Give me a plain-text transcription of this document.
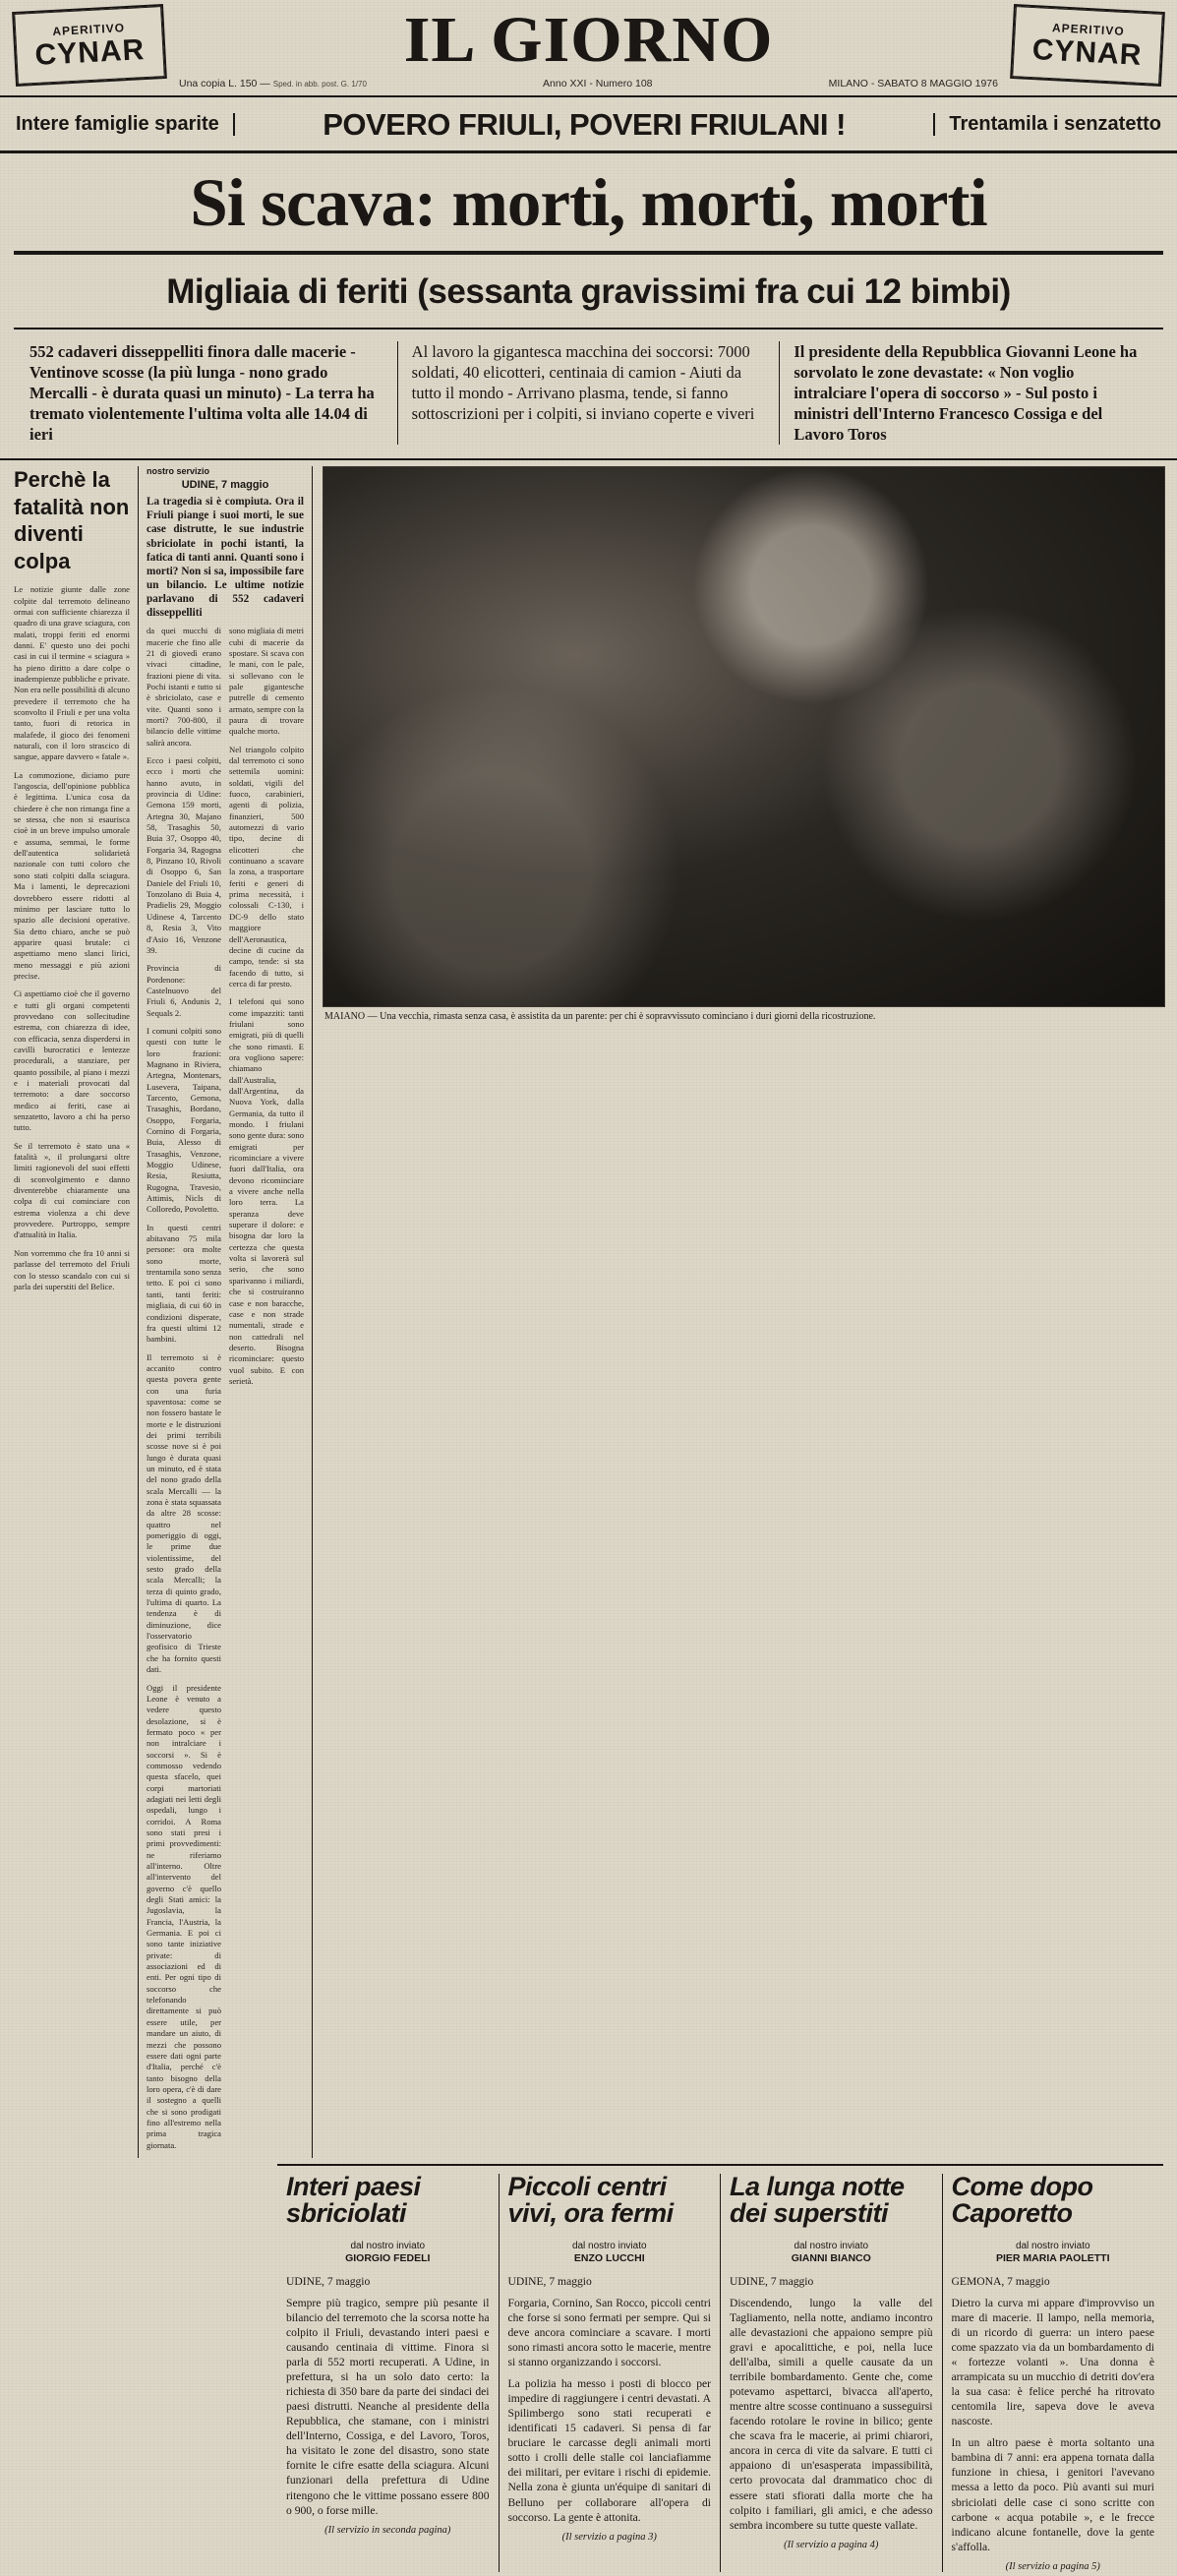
APERITIVO
CYNAR	IL GIORNO
Una copia L. 150 — Sped. in abb. post. G. 1/70	Anno XXI - Numero 108	MILANO - SABATO 8 MAGGIO 1976
APERITIVO
CYNAR
Intere famiglie sparite	POVERO FRIULI, POVERI FRIULANI !	Trentamila i senzatetto
Si scava: morti, morti, morti
Migliaia di feriti (sessanta gravissimi fra cui 12 bimbi)
552 cadaveri disseppelliti finora dalle macerie - Ventinove scosse (la più lunga - nono grado Mercalli - è durata quasi un minuto) - La terra ha tremato violentemente l'ultima volta alle 14.04 di ieri
Al lavoro la gigantesca macchina dei soccorsi: 7000 soldati, 40 elicotteri, centinaia di camion - Aiuti da tutto il mondo - Arrivano plasma, tende, si fanno sottoscrizioni per i colpiti, si inviano coperte e viveri
Il presidente della Repubblica Giovanni Leone ha sorvolato le zone devastate: « Non voglio intralciare l'opera di soccorso » - Sul posto i ministri dell'Interno Francesco Cossiga e del Lavoro Toros
Perchè la fatalità non diventi colpa

Le notizie giunte dalle zone colpite dal terremoto delineano ormai con sufficiente chiarezza il quadro di una grave sciagura, con malati, troppi feriti ed enormi danni. E' questo uno dei pochi casi in cui il termine « sciagura » ha pieno diritto a dare colpe o inadempienze pubbliche e private. Non era nelle possibilità di alcuno prevedere il terremoto che ha sconvolto il Friuli e per una volta tanto, fuori di retorica in malafede, il gioco dei fenomeni naturali, con il loro strascico di sangue, appare davvero « fatale ».

La commozione, diciamo pure l'angoscia, dell'opinione pubblica è legittima. L'unica cosa da chiedere è che non rimanga fine a se stessa, che non si esaurisca cioè in un breve impulso umorale e assuma, semmai, le forme dell'autentica solidarietà nazionale con tutti coloro che sono stati colpiti dalla sciagura. Ma i lamenti, le deprecazioni dovrebbero essere ridotti al minimo per lasciare tutto lo spazio alle decisioni operative. Sia detto chiaro, anche se può apparire quasi brutale: ci aspettiamo meno slanci lirici, meno messaggi e più azioni precise.

Ci aspettiamo cioè che il governo e tutti gli organi competenti provvedano con sollecitudine estrema, con chiarezza di idee, con efficacia, senza disperdersi in cavilli burocratici e lentezze procedurali, a stanziare, per quanto possibile, al piano i mezzi e i materiali provocati dal terremoto: a dare soccorso medico ai feriti, case ai senzatetto, lavoro a chi ha perso tutto.

Se il terremoto è stato una « fatalità », il prolungarsi oltre limiti ragionevoli del suoi effetti di sconvolgimento e danno diventerebbe chiaramente una colpa di cui cominciare con estrema violenza a chi deve provvedere. Purtroppo, sempre d'attualità in Italia.

Non vorremmo che fra 10 anni si parlasse del terremoto del Friuli con lo stesso scandalo con cui si parla dei superstiti del Belice.

nostro servizio
UDINE, 7 maggio
La tragedia si è compiuta. Ora il Friuli piange i suoi morti, le sue case distrutte, le sue industrie sbriciolate in pochi istanti, la fatica di tanti anni. Quanti sono i morti? Non si sa, impossibile fare un bilancio. Le ultime notizie parlavano di 552 cadaveri disseppelliti

da quei mucchi di macerie che fino alle 21 di giovedì erano vivaci cittadine, frazioni piene di vita. Pochi istanti e tutto si è sbriciolato, case e vite. Quanti sono i morti? 700-800, il bilancio delle vittime salirà ancora.

Ecco i paesi colpiti, ecco i morti che hanno avuto, in provincia di Udine: Gemona 159 morti, Artegna 30, Majano 58, Trasaghis 50, Buia 37, Osoppo 40, Forgaria 34, Ragogna 8, Pinzano 10, Rivoli di Osoppo 6, San Daniele del Friuli 10, Tonzolano di Buia 4, Pradielis 29, Moggio Udinese 4, Tarcento 8, Resia 3, Vito d'Asio 16, Venzone 39.

Provincia di Pordenone: Castelnuovo del Friuli 6, Andunis 2, Sequals 2.

I comuni colpiti sono questi con tutte le loro frazioni: Magnano in Riviera, Artegna, Montenars, Lusevera, Taipana, Tarcento, Gemona, Trasaghis, Bordano, Osoppo, Forgaria, Cornino di Forgaria, Buia, Alesso di Trasaghis, Venzone, Moggio Udinese, Resia, Resiutta, Rugogna, Travesio, Attimis, Nicls di Colloredo, Povoletto.

In questi centri abitavano 75 mila persone: ora molte sono morte, trentamila sono senza tetto. E poi ci sono tanti, tanti feriti: migliaia, di cui 60 in condizioni disperate, fra questi ultimi 12 bambini.

Il terremoto si è accanito contro questa povera gente con una furia spaventosa: come se non fossero bastate le morte e le distruzioni dei primi terribili scosse nove si è poi lungo è durata quasi un minuto, ed è stata del nono grado della scala Mercalli — la zona è stata squassata da altre 28 scosse: quattro nel pomeriggio di oggi, le prime due violentissime, del sesto grado della scala Mercalli; la terza di quinto grado, l'ultima di quarto. La tendenza è di diminuzione, dice l'osservatorio geofisico di Trieste che ha fornito questi dati.

Oggi il presidente Leone è venuto a vedere questo desolazione, si è fermato poco « per non intralciare i soccorsi ». Si è commosso vedendo questa sfacelo, quei corpi martoriati adagiati nei letti degli ospedali, lungo i corridoi. A Roma sono stati presi i primi provvedimenti: ne riferiamo all'interno. Oltre all'intervento del governo c'è quello degli Stati amici: la Jugoslavia, la Francia, l'Austria, la Germania. E poi ci sono tante iniziative private: di associazioni ed di enti. Per ogni tipo di soccorso che telefonando direttamente si può essere utile, per mandare un aiuto, di mezzi che possono essere dati ogni parte d'Italia, perché c'è tanto bisogno della loro opera, c'è di dare il sostegno a quelli che si sono prodigati fino all'estremo nella prima tragica giornata.

sono migliaia di metri cubi di macerie da spostare. Si scava con le mani, con le pale, si sollevano con le pale gigantesche putrelle di cemento armato, sempre con la paura di trovare qualche morto.

Nel triangolo colpito dal terremoto ci sono settemila uomini: soldati, vigili del fuoco, carabinieri, agenti di polizia, finanzieri, 500 automezzi di vario tipo, decine di elicotteri che continuano a scavare la zona, a trasportare feriti e generi di prima necessità, i colossali C-130, i DC-9 dello stato maggiore dell'Aeronautica, decine di cucine da campo, tende: si sta facendo di tutto, si cerca di far presto.

I telefoni qui sono come impazziti: tanti friulani sono emigrati, più di quelli che sono rimasti. E ora vogliono sapere: chiamano dall'Australia, dall'Argentina, da Nuova York, dalla Germania, da tutto il mondo. I friulani sono gente dura: sono emigrati per ricominciare a vivere fuori dall'Italia, ora devono ricominciare a vivere anche nella loro terra. La speranza deve superare il dolore: e bisogna dar loro la certezza che questa volta si lavorerà sul serio, che sono sparivanno i miliardi, che si costruiranno case e non baracche, case e non strade numentali, strade e non cattedrali nel deserto. Bisogna ricominciare: questo vuol subito. E con serietà.

MAIANO — Una vecchia, rimasta senza casa, è assistita da un parente: per chi è sopravvissuto cominciano i duri giorni della ricostruzione.
Interi paesi sbriciolati
dal nostro inviato
GIORGIO FEDELI

UDINE, 7 maggio

Sempre più tragico, sempre più pesante il bilancio del terremoto che la scorsa notte ha colpito il Friuli, devastando interi paesi e causando centinaia di vittime. Finora si parla di 552 morti recuperati. A Udine, in prefettura, si ha un solo dato certo: la richiesta di 350 bare da parte dei sindaci dei paesi distrutti. Neanche al presidente della Repubblica, che stamane, con i ministri dell'Interno, Cossiga, e del Lavoro, Toros, ha visitato le zone del disastro, sono state fornite le cifre esatte della sciagura. Alcuni funzionari della prefettura di Udine ritengono che le vittime possano essere 800 o 900, o forse mille.

(Il servizio in seconda pagina)
Piccoli centri vivi, ora fermi
dal nostro inviato
ENZO LUCCHI

UDINE, 7 maggio

Forgaria, Cornino, San Rocco, piccoli centri che forse si sono fermati per sempre. Qui si deve ancora cominciare a scavare. I morti sono rimasti ancora sotto le macerie, mentre si stanno organizzando i soccorsi.

La polizia ha messo i posti di blocco per impedire di raggiungere i centri devastati. A Spilimbergo sono stati recuperati e identificati 15 cadaveri. Si pensa di far bruciare le carcasse degli animali morti sotto i crolli delle stalle coi lanciafiamme dei militari, per evitare i rischi di epidemie. Nella zona è giunta un'équipe di sanitari di Belluno per collaborare all'opera di soccorso. La gente è attonita.

(Il servizio a pagina 3)
La lunga notte dei superstiti
dal nostro inviato
GIANNI BIANCO

UDINE, 7 maggio

Discendendo, lungo la valle del Tagliamento, nella notte, andiamo incontro alle devastazioni che appaiono sempre più gravi e apocalittiche, e poi, nella luce dell'alba, simili a quelle causate da un terribile bombardamento. Gente che, come potevamo aspettarci, bivacca all'aperto, mentre altre scosse continuano a susseguirsi facendo rotolare le rovine in bilico; gente che scava fra le macerie, ai primi chiarori, ancora in cerca di vite da salvare. E tutti ci appaiono di un'esasperata impassibilità, certo provocata dal drammatico choc di essere stati sfiorati dalla morte che ha colpito i familiari, gli amici, e che adesso sembra incombere su tutte queste vallate.

(Il servizio a pagina 4)
Come dopo Caporetto
dal nostro inviato
PIER MARIA PAOLETTI

GEMONA, 7 maggio

Dietro la curva mi appare d'improvviso un mare di macerie. Il lampo, nella memoria, di un ricordo di guerra: un intero paese come spazzato via da un bombardamento di « fortezze volanti ». Una donna è arrampicata su un mucchio di detriti dov'era la sua casa: è felice perché ha ritrovato centomila lire, sapeva dove le aveva nascoste.

In un altro paese è morta soltanto una bambina di 7 anni: era appena tornata dalla funzione in chiesa, i genitori l'avevano messa a letto da poco. Più avanti sui muri sbriciolati delle case ci sono scritte con carbone « acqua potabile », e le frecce indicano alcune fontanelle, dove la gente s'affolla.

(Il servizio a pagina 5)
